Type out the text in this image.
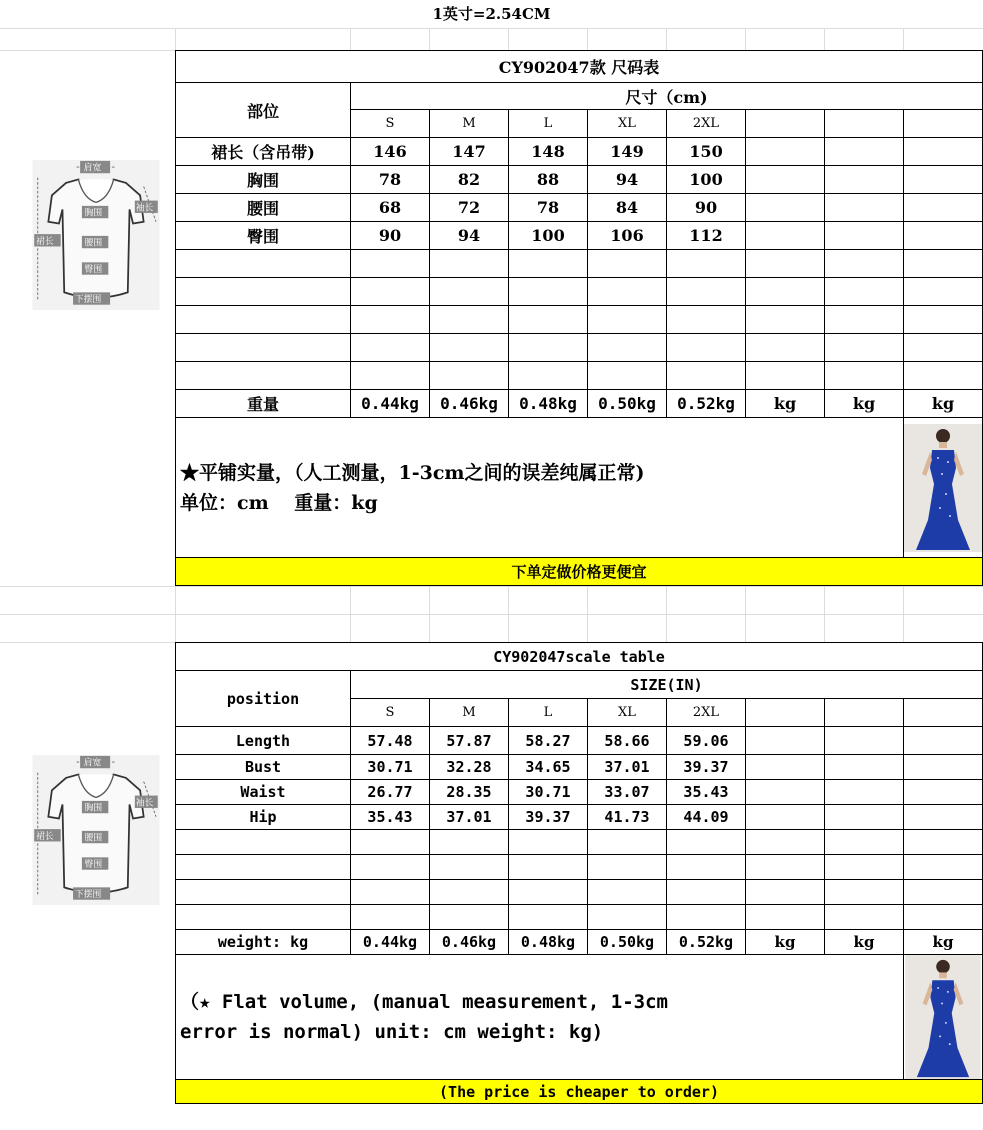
1英寸=2.54CM
肩宽
袖长
胸围
裙长	腰围
臀围
下摆围
CY902047款 尺码表								
部位	尺寸（cm)							
	S	M	L	XL	2XL			
裙长（含吊带)	146	147	148	149	150			
胸围	78	82	88	94	100			
腰围	68	72	78	84	90			
臀围	90	94	100	106	112			

重量	0.44kg	0.46kg	0.48kg	0.50kg	0.52kg	kg	kg	kg

★平铺实量，（人工测量，1-3cm之间的误差纯属正常)
单位：cm　 重量：kg

下单定做价格更便宜								
肩宽
袖长
胸围
裙长	腰围
臀围
下摆围
CY902047scale table								
position	SIZE(IN)							
	S	M	L	XL	2XL			
Length	57.48	57.87	58.27	58.66	59.06			
Bust	30.71	32.28	34.65	37.01	39.37			
Waist	26.77	28.35	30.71	33.07	35.43			
Hip	35.43	37.01	39.37	41.73	44.09			

weight: kg	0.44kg	0.46kg	0.48kg	0.50kg	0.52kg	kg	kg	kg

（★ Flat volume, (manual measurement, 1-3cm
error is normal) unit: cm weight: kg)

(The price is cheaper to order)								
